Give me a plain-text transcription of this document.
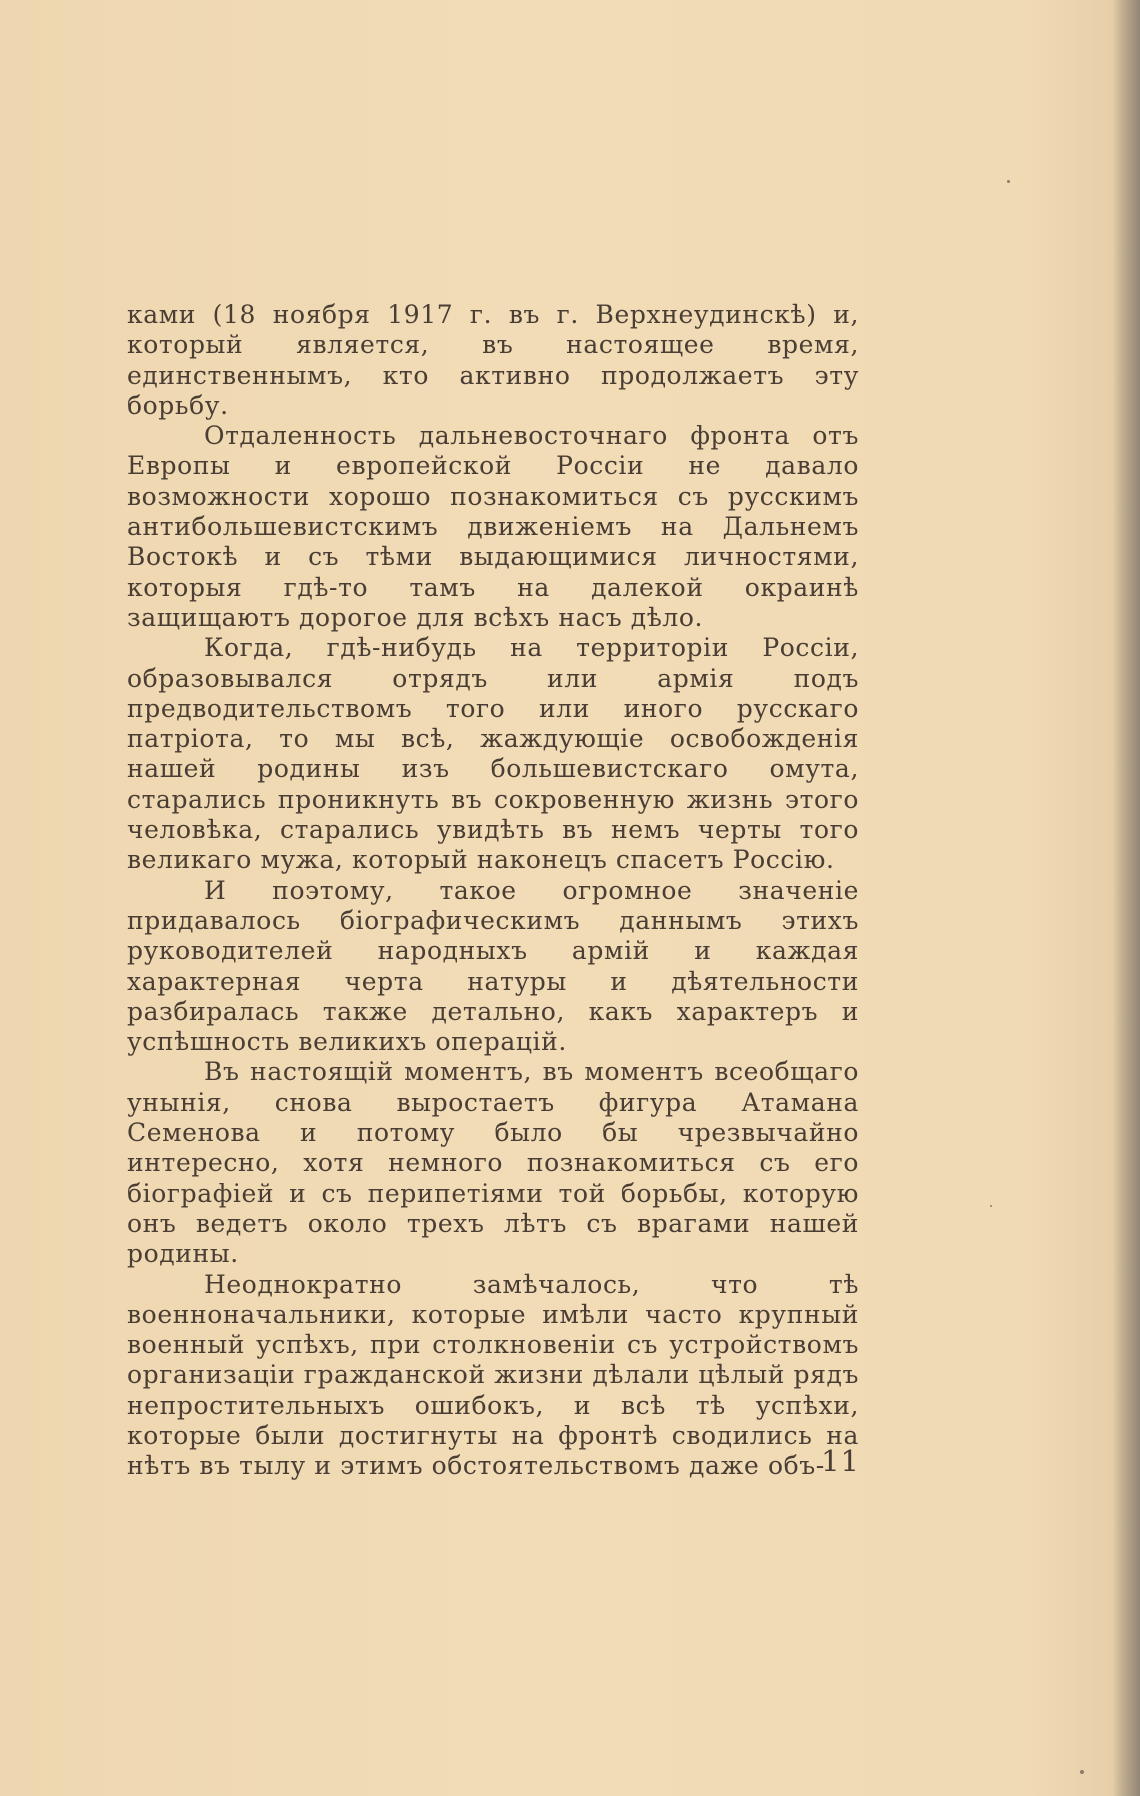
ками (18 ноября 1917 г. въ г. Верхнеудинскѣ) и, который является, въ настоящее время, единственнымъ, кто активно продолжаетъ эту борьбу.

Отдаленность дальневосточнаго фронта отъ Европы и европейской Россіи не давало возможности хорошо познакомиться съ русскимъ антибольшевистскимъ движеніемъ на Дальнемъ Востокѣ и съ тѣми выдающимися личностями, которыя гдѣ-то тамъ на далекой окраинѣ защищаютъ дорогое для всѣхъ насъ дѣло.

Когда, гдѣ-нибудь на территоріи Россіи, образовывался отрядъ или армія подъ предводительствомъ того или иного русскаго патріота, то мы всѣ, жаждующіе освобожденія нашей родины изъ большевистскаго омута, старались проникнуть въ сокровенную жизнь этого человѣка, старались увидѣть въ немъ черты того великаго мужа, который наконецъ спасетъ Россію.

И поэтому, такое огромное значеніе придавалось біографическимъ даннымъ этихъ руководителей народныхъ армій и каждая характерная черта натуры и дѣятельности разбиралась также детально, какъ характеръ и успѣшность великихъ операцій.

Въ настоящій моментъ, въ моментъ всеобщаго унынія, снова выростаетъ фигура Атамана Семенова и потому было бы чрезвычайно интересно, хотя немного познакомиться съ его біографіей и съ перипетіями той борьбы, которую онъ ведетъ около трехъ лѣтъ съ врагами нашей родины.

Неоднократно замѣчалось, что тѣ военноначальники, которые имѣли часто крупный военный успѣхъ, при столкновеніи съ устройствомъ организаціи гражданской жизни дѣлали цѣлый рядъ непростительныхъ ошибокъ, и всѣ тѣ успѣхи, которые были достигнуты на фронтѣ сводились на нѣтъ въ тылу и этимъ обстоятельствомъ даже объ-

11
